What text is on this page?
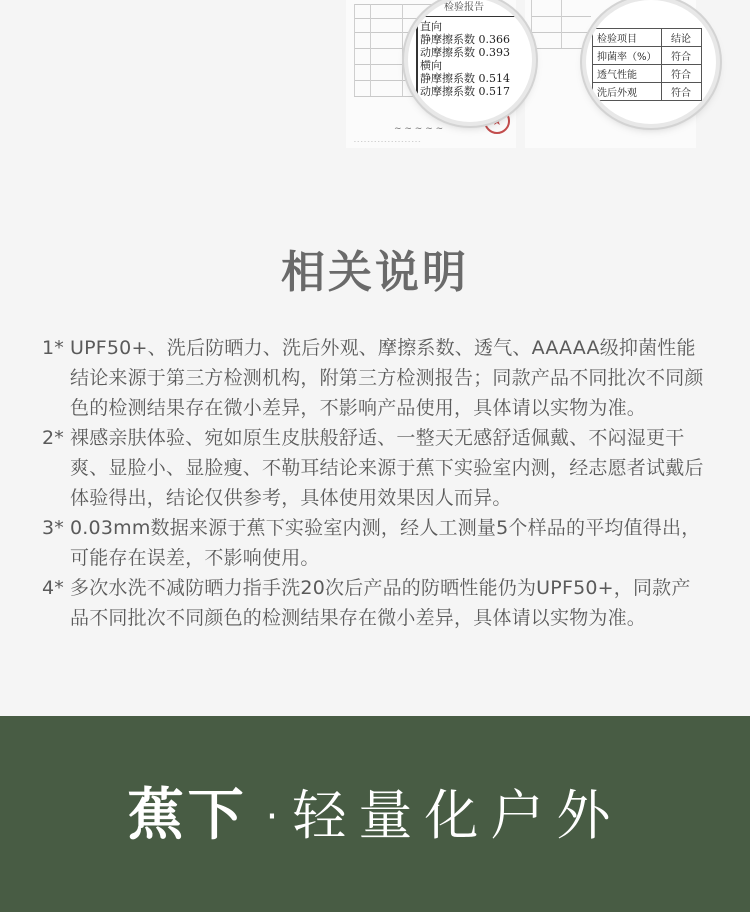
~ ~ ~ ~ ~
★
- - - - - - - - - - - - - - - - - - - -
检验报告
直向
静摩擦系数 0.366
动摩擦系数 0.393
横向
静摩擦系数 0.514
动摩擦系数 0.517
检验项目	结论
抑菌率（%）	符合
透气性能	符合
洗后外观	符合
相关说明
1* UPF50+、洗后防晒力、洗后外观、摩擦系数、透气、AAAAA级抑菌性能结论来源于第三方检测机构，附第三方检测报告；同款产品不同批次不同颜色的检测结果存在微小差异，不影响产品使用，具体请以实物为准。
2* 裸感亲肤体验、宛如原生皮肤般舒适、一整天无感舒适佩戴、不闷湿更干爽、显脸小、显脸瘦、不勒耳结论来源于蕉下实验室内测，经志愿者试戴后体验得出，结论仅供参考，具体使用效果因人而异。
3* 0.03mm数据来源于蕉下实验室内测，经人工测量5个样品的平均值得出，可能存在误差，不影响使用。
4* 多次水洗不减防晒力指手洗20次后产品的防晒性能仍为UPF50+，同款产品不同批次不同颜色的检测结果存在微小差异，具体请以实物为准。
蕉下 · 轻量化户外
